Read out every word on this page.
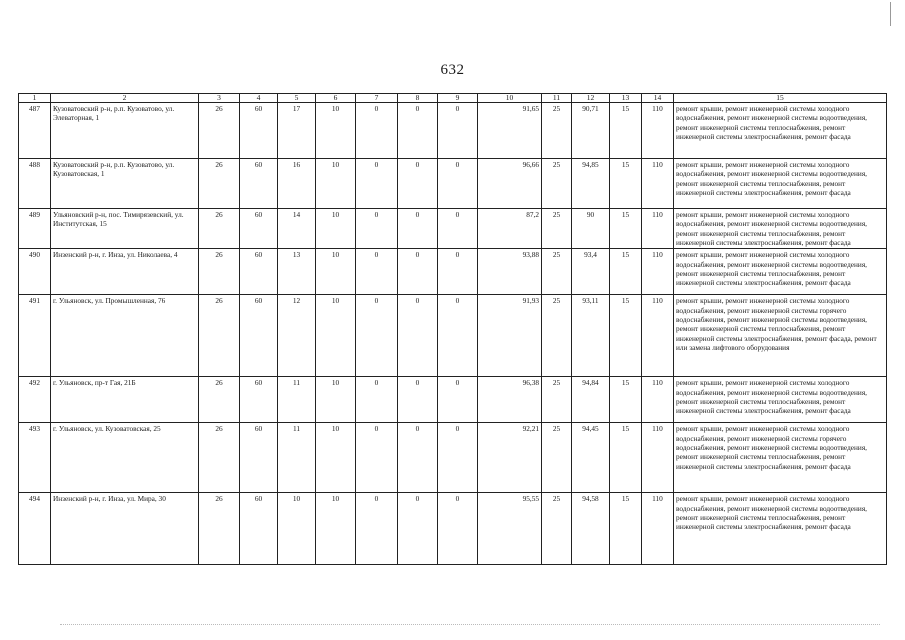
632
1	2	3	4	5	6	7	8	9	10	11	12	13	14	15
487	Кузоватовский р-н, р.п. Кузоватово, ул. Элеваторная, 1	26	60	17	10	0	0	0	91,65	25	90,71	15	110	ремонт крыши, ремонт инженерной системы холодного водоснабжения, ремонт инженерной системы водоотведения, ремонт инженерной системы теплоснабжения, ремонт инженерной системы электроснабжения, ремонт фасада
488	Кузоватовский р-н, р.п. Кузоватово, ул. Кузоватовская, 1	26	60	16	10	0	0	0	96,66	25	94,85	15	110	ремонт крыши, ремонт инженерной системы холодного водоснабжения, ремонт инженерной системы водоотведения, ремонт инженерной системы теплоснабжения, ремонт инженерной системы электроснабжения, ремонт фасада
489	Ульяновский р-н, пос. Тимирязевский, ул. Институтская, 15	26	60	14	10	0	0	0	87,2	25	90	15	110	ремонт крыши, ремонт инженерной системы холодного водоснабжения, ремонт инженерной системы водоотведения, ремонт инженерной системы теплоснабжения, ремонт инженерной системы электроснабжения, ремонт фасада
490	Инзенский р-н, г. Инза, ул. Николаева, 4	26	60	13	10	0	0	0	93,88	25	93,4	15	110	ремонт крыши, ремонт инженерной системы холодного водоснабжения, ремонт инженерной системы водоотведения, ремонт инженерной системы теплоснабжения, ремонт инженерной системы электроснабжения, ремонт фасада
491	г. Ульяновск, ул. Промышленная, 76	26	60	12	10	0	0	0	91,93	25	93,11	15	110	ремонт крыши, ремонт инженерной системы холодного водоснабжения, ремонт инженерной системы горячего водоснабжения, ремонт инженерной системы водоотведения, ремонт инженерной системы теплоснабжения, ремонт инженерной системы электроснабжения, ремонт фасада, ремонт или замена лифтового оборудования
492	г. Ульяновск, пр-т Гая, 21Б	26	60	11	10	0	0	0	96,38	25	94,84	15	110	ремонт крыши, ремонт инженерной системы холодного водоснабжения, ремонт инженерной системы водоотведения, ремонт инженерной системы теплоснабжения, ремонт инженерной системы электроснабжения, ремонт фасада
493	г. Ульяновск, ул. Кузоватовская, 25	26	60	11	10	0	0	0	92,21	25	94,45	15	110	ремонт крыши, ремонт инженерной системы холодного водоснабжения, ремонт инженерной системы горячего водоснабжения, ремонт инженерной системы водоотведения, ремонт инженерной системы теплоснабжения, ремонт инженерной системы электроснабжения, ремонт фасада
494	Инзенский р-н, г. Инза, ул. Мира, 30	26	60	10	10	0	0	0	95,55	25	94,58	15	110	ремонт крыши, ремонт инженерной системы холодного водоснабжения, ремонт инженерной системы водоотведения, ремонт инженерной системы теплоснабжения, ремонт инженерной системы электроснабжения, ремонт фасада
